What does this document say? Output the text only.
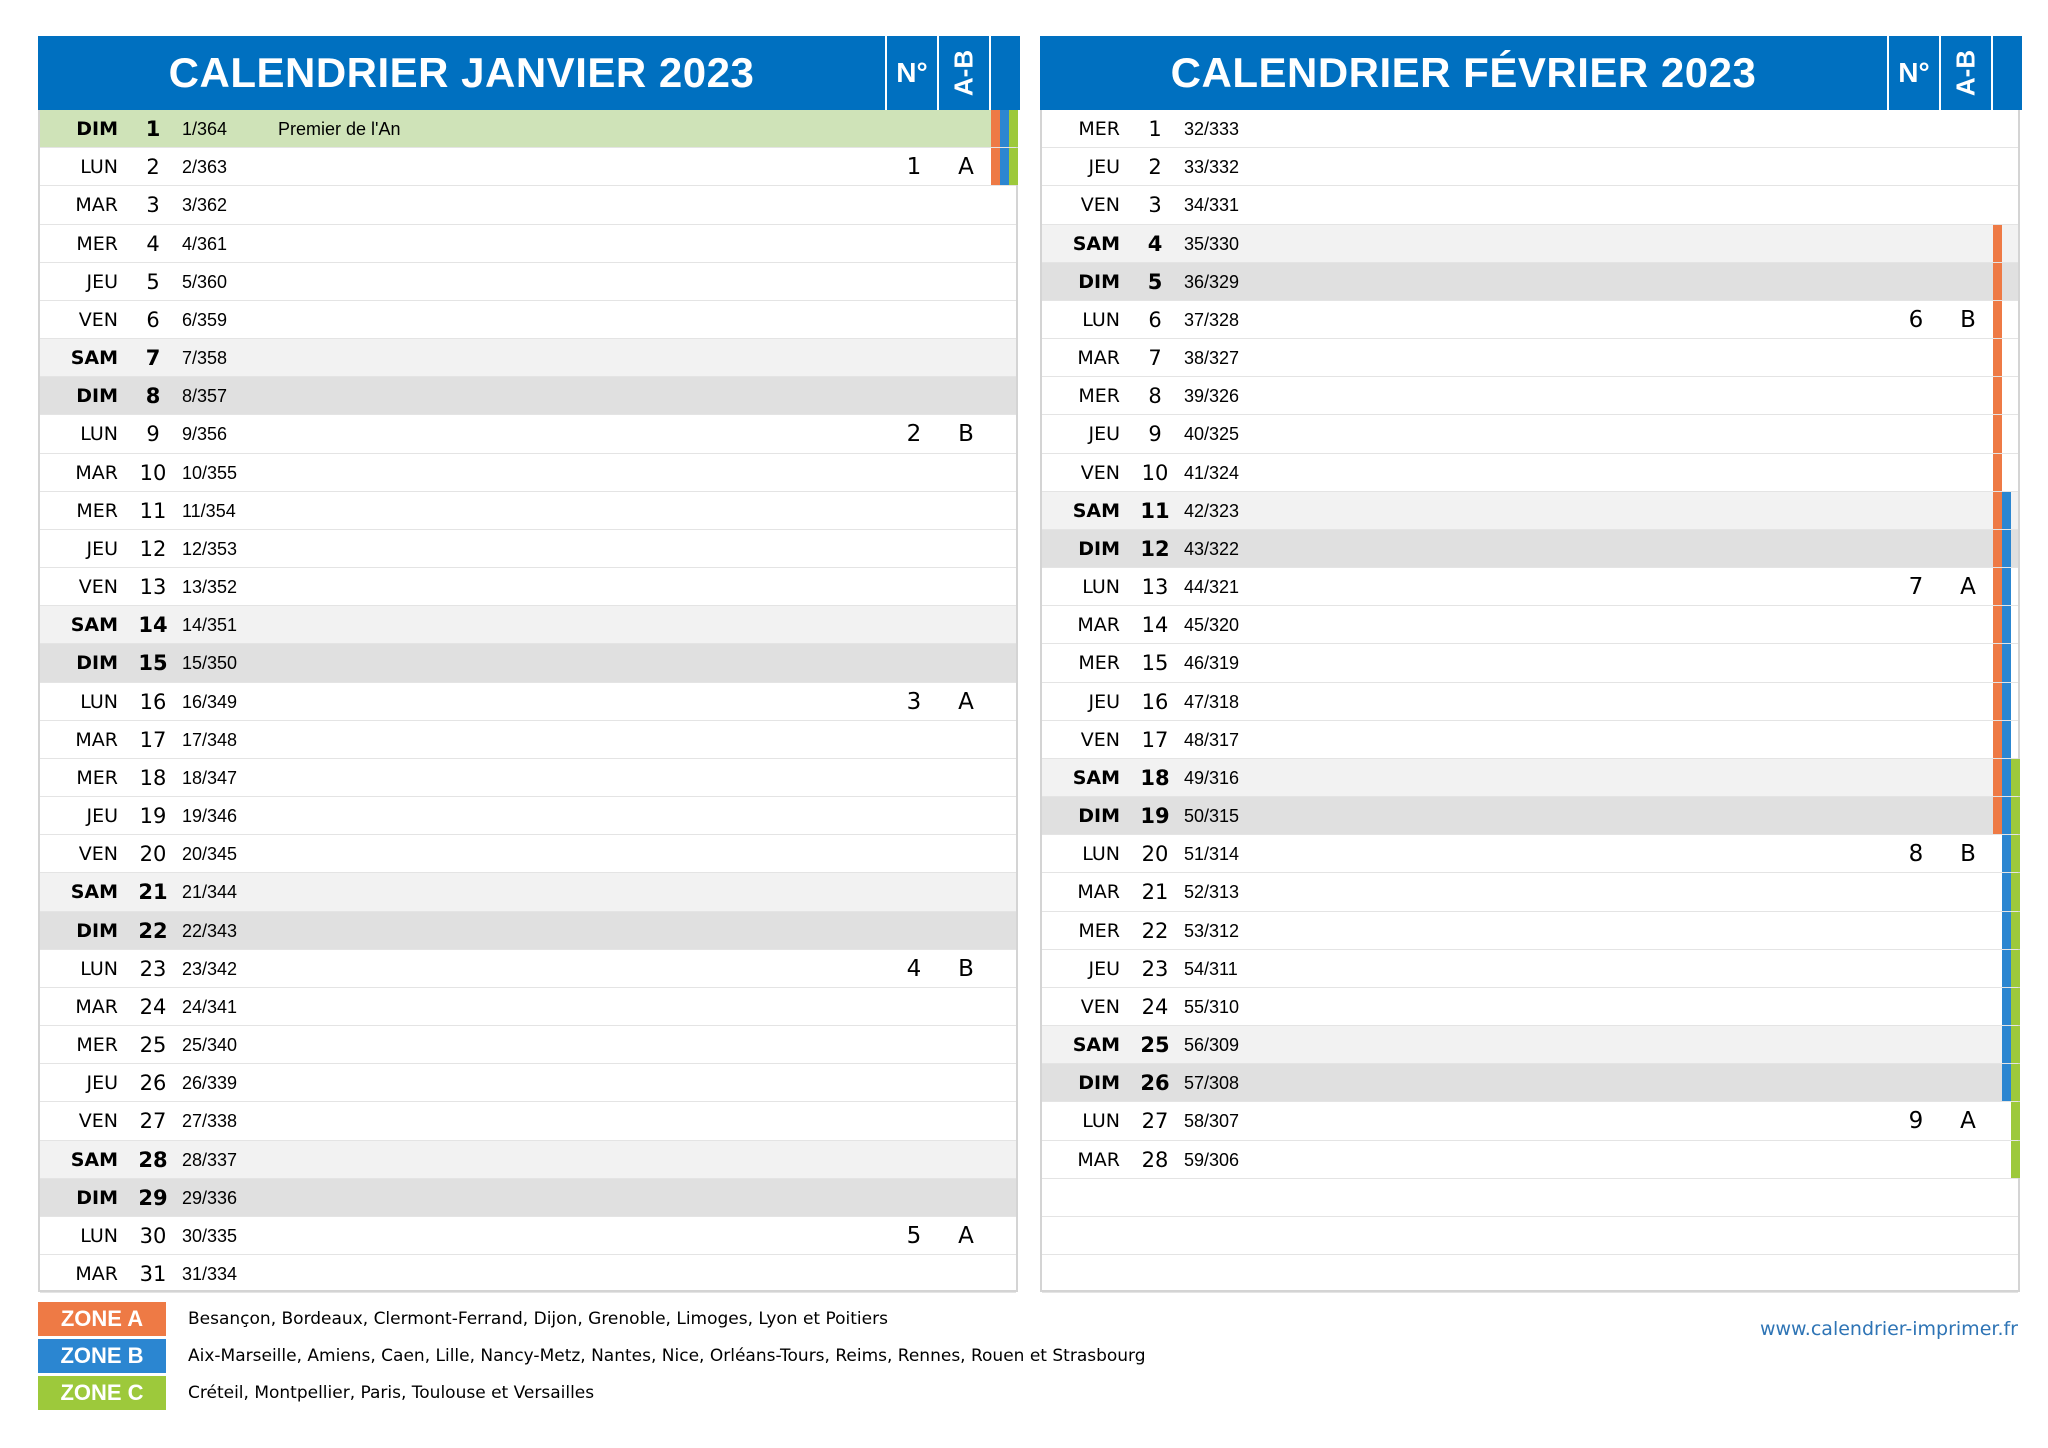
CALENDRIER JANVIER 2023	N° A-B
DIM	1	1/364	Premier de l'An
LUN	2	2/363	1	A
MAR	3	3/362
MER	4	4/361
JEU	5	5/360
VEN	6	6/359
SAM	7	7/358
DIM	8	8/357
LUN	9	9/356	2	B
MAR	10 10/355
MER	11 11/354
JEU	12 12/353
VEN	13 13/352
SAM 14 14/351
DIM 15 15/350
LUN	16 16/349	3	A
MAR	17 17/348
MER	18 18/347
JEU	19 19/346
VEN	20 20/345
SAM 21 21/344
DIM 22 22/343
LUN	23 23/342	4	B
MAR	24 24/341
MER	25 25/340
JEU	26 26/339
VEN	27 27/338
SAM 28 28/337
DIM 29 29/336
LUN	30 30/335	5	A
MAR	31 31/334
CALENDRIER FÉVRIER 2023	N° A-B
MER	1	32/333
JEU	2	33/332
VEN	3	34/331
SAM	4	35/330
DIM	5	36/329
LUN	6	37/328	6	B
MAR	7	38/327
MER	8	39/326
JEU	9	40/325
VEN	10 41/324
SAM 11 42/323
DIM 12 43/322
LUN	13 44/321	7	A
MAR	14 45/320
MER	15 46/319
JEU	16 47/318
VEN	17 48/317
SAM 18 49/316
DIM 19 50/315
LUN	20 51/314	8	B
MAR	21 52/313
MER	22 53/312
JEU	23 54/311
VEN	24 55/310
SAM 25 56/309
DIM 26 57/308
LUN	27 58/307	9	A
MAR	28 59/306
ZONE A	Besançon, Bordeaux, Clermont-Ferrand, Dijon, Grenoble, Limoges, Lyon et Poitiers
ZONE B	Aix-Marseille, Amiens, Caen, Lille, Nancy-Metz, Nantes, Nice, Orléans-Tours, Reims, Rennes, Rouen et Strasbourg
ZONE C	Créteil, Montpellier, Paris, Toulouse et Versailles
www.calendrier-imprimer.fr
